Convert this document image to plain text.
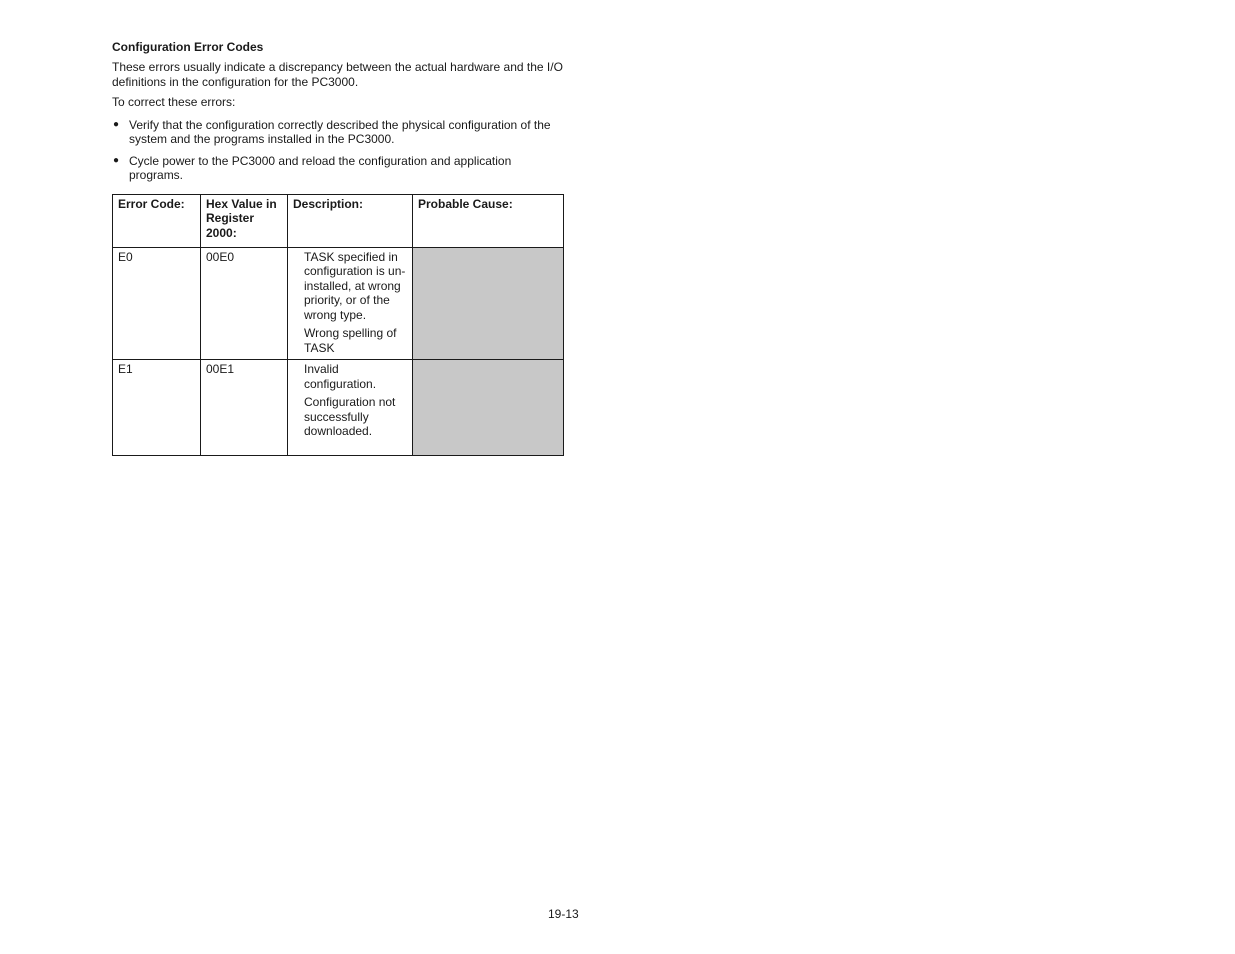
Configuration Error Codes

These errors usually indicate a discrepancy between the actual hardware and the I/O definitions in the configuration for the PC3000.

To correct these errors:

● Verify that the configuration correctly described the physical configuration of the system and the programs installed in the PC3000.
● Cycle power to the PC3000 and reload the configuration and application programs.
Error Code:	Hex Value in Register 2000:	Description:	Probable Cause:
E0	00E0	TASK specified in configuration is un-installed, at wrong priority, or of the wrong type.
Wrong spelling of TASK	

E1	00E1	Invalid configuration.
Configuration not successfully downloaded.	

19-13
